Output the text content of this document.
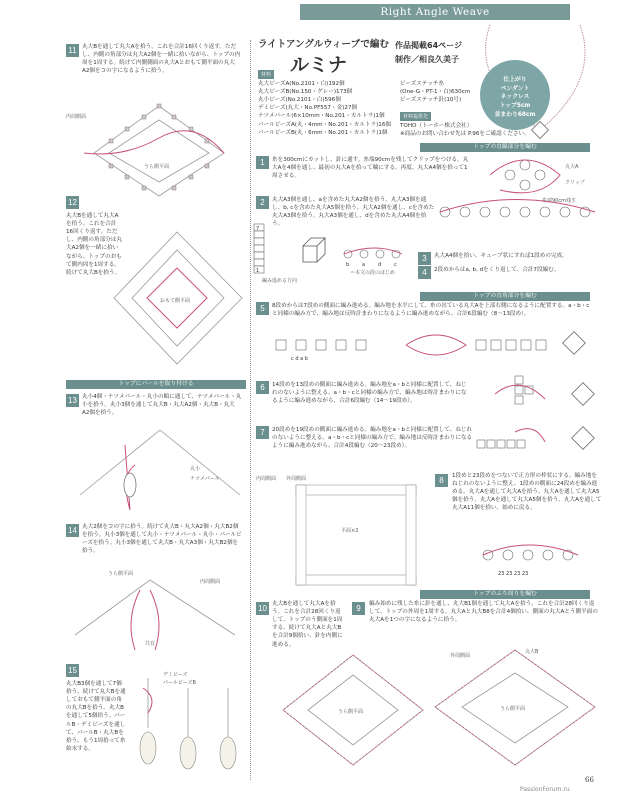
Right Angle Weave
ライトアングルウィーブで編む
ルミナ
作品掲載64ページ
制作／相良久美子
仕上がり
ペンダント
ネックレス
トップ5cm
首まわり68cm
材料
丸大ビーズA(No.2101・白)192個
丸大ビーズB(No.150・グレー)173個
丸小ビーズ(No.2101・白)596個
デミビーズ(丸大・No.PF557・金)27個
ナツメパール(6×10mm・No.201・カルトラ)1個
パールビーズA(丸・4mm・No.201・カルトラ)16個
パールビーズB(丸・6mm・No.201・カルトラ)1個
ビーズステッチ糸
(One-G・PT-1・白)630cm
ビーズステッチ針(10号)
材料提供先
TOHO（トーホー株式会社）
※商品のお問い合わせ先は P.96をご確認ください。
11 丸大Bを通して丸大Aを拾う。これを合計16回くり返す。ただし、内側の角部分は丸大A2個を一緒に拾いながら、トップの内周を1周する。続けて内側側面の丸大Aとおもて側平面の丸大A2個をコの字になるように拾う。
内周側面
うら側平面
12
丸大Bを通して丸大Aを拾う。これを合計16回くり返す。ただし、内側の角部分は丸大A2個を一緒に拾いながら、トップのおもて側内周を1周する。続けて丸大Bを拾う。
おもて側平面
トップにパールを取り付ける
13 丸小4個・ナツメパール・丸小の順に通して、ナツメパール・丸小を拾う。丸小3個を通して丸大B・丸大A2個・丸大B・丸大A2個を拾う。
丸小
ナツメパール
14 丸大2個をコの字に拾う。続けて丸大B・丸大A2個・丸大B2個を拾う。丸小3個を通して丸小・ナツメパール・丸小・パールビーズを拾う。丸小3個を通して丸大B・丸大A3個・丸大B2個を拾う。
うら側平面
内周側面
共有
15
丸大B3個を通して7個拾う。続けて丸大Bを通しておもて側平面の角の丸大Bを拾う。丸大Bを通して5個拾う。パールB・デミビーズを通して、パールB・丸大Bを拾う。もう1周拾って糸始末する。
デミビーズ
パールビーズB
トップの直線部分を編む
1	糸を300cmにカットし、針に通す。糸端90cmを残してクリップをつける。丸大Aを4個を通し、最初の丸大Aを拾って輪にする。再度、丸大A4個を拾って1周させる。
丸大A
クリップ
糸端90cm残す
2	丸大A3個を通し、aを含めた丸大A2個を拾う。丸大A3個を通し、b, cを含めた丸大A5個を拾う。丸大A2個を通し、cを含めた丸大A3個を拾う。丸大A3個を通し、dを含めた丸大A4個を拾う。
7
1
編み進める方向
＝本文の段のはじめ
b	a	d	c
3	丸大A4個を拾い、キューブ状にすれば1段めの完成。
4	2段めからはa, b, dをくり返して、合計7段編む。
トップの直角部分を編む
5	8段めからは7段めの側面に編み進める。編み地を水平にして、糸の出ている丸大Aを上部右側になるように配置する。a・b・cと同様の編み方で、編み地は反時計まわりになるように編み進めながら、合計6段編む（8〜13段め）。
c d a b
6	14段めを13段めの側面に編み進める。編み地をa・bと同様に配置して、ねじれのないように整える。a・b・cと同様の編み方で、編み地は時計まわりになるように編み進めながら、合計6段編む（14〜19段め）。
7	20段めを19段めの側面に編み進める。編み地をa・bと同様に配置して、ねじれのないように整える。a・b・cと同様の編み方で、編み地は反時計まわりになるように編み進めながら、合計4段編む（20〜23段め）。
内周側面 外周側面
平面×2
8	1段めと23段めをつないで正方形の枠状にする。編み地をねじれのないように整え、1段めの側面に24段めを編み進める。丸大Aを通して丸大Aを拾う。丸大Aを通して丸大A5個を拾う。丸大Aを通して丸大A5個を拾う。丸大Aを通して丸大A11個を拾い、始めに戻る。
23 23 23 23
トップのふち周りを編む
10 丸大Bを通して丸大Aを拾う。これを合計28回くり返して、トップのう側面を1周する。続けて丸大Aと丸大Bを合計9個拾い、針を内側に進める。
9	編み始めに残した糸に針を通し、丸大B1個を通して丸大Aを拾う。これを合計28回くり返して、トップの外周を1周する。丸大Aと丸大B8を合計4個拾い、側面の丸大Aとう側平面の丸大Aを1つの字になるように拾う。
うら側平面
丸大B
うら側平面
外周側面
66
PassionForum.ru
